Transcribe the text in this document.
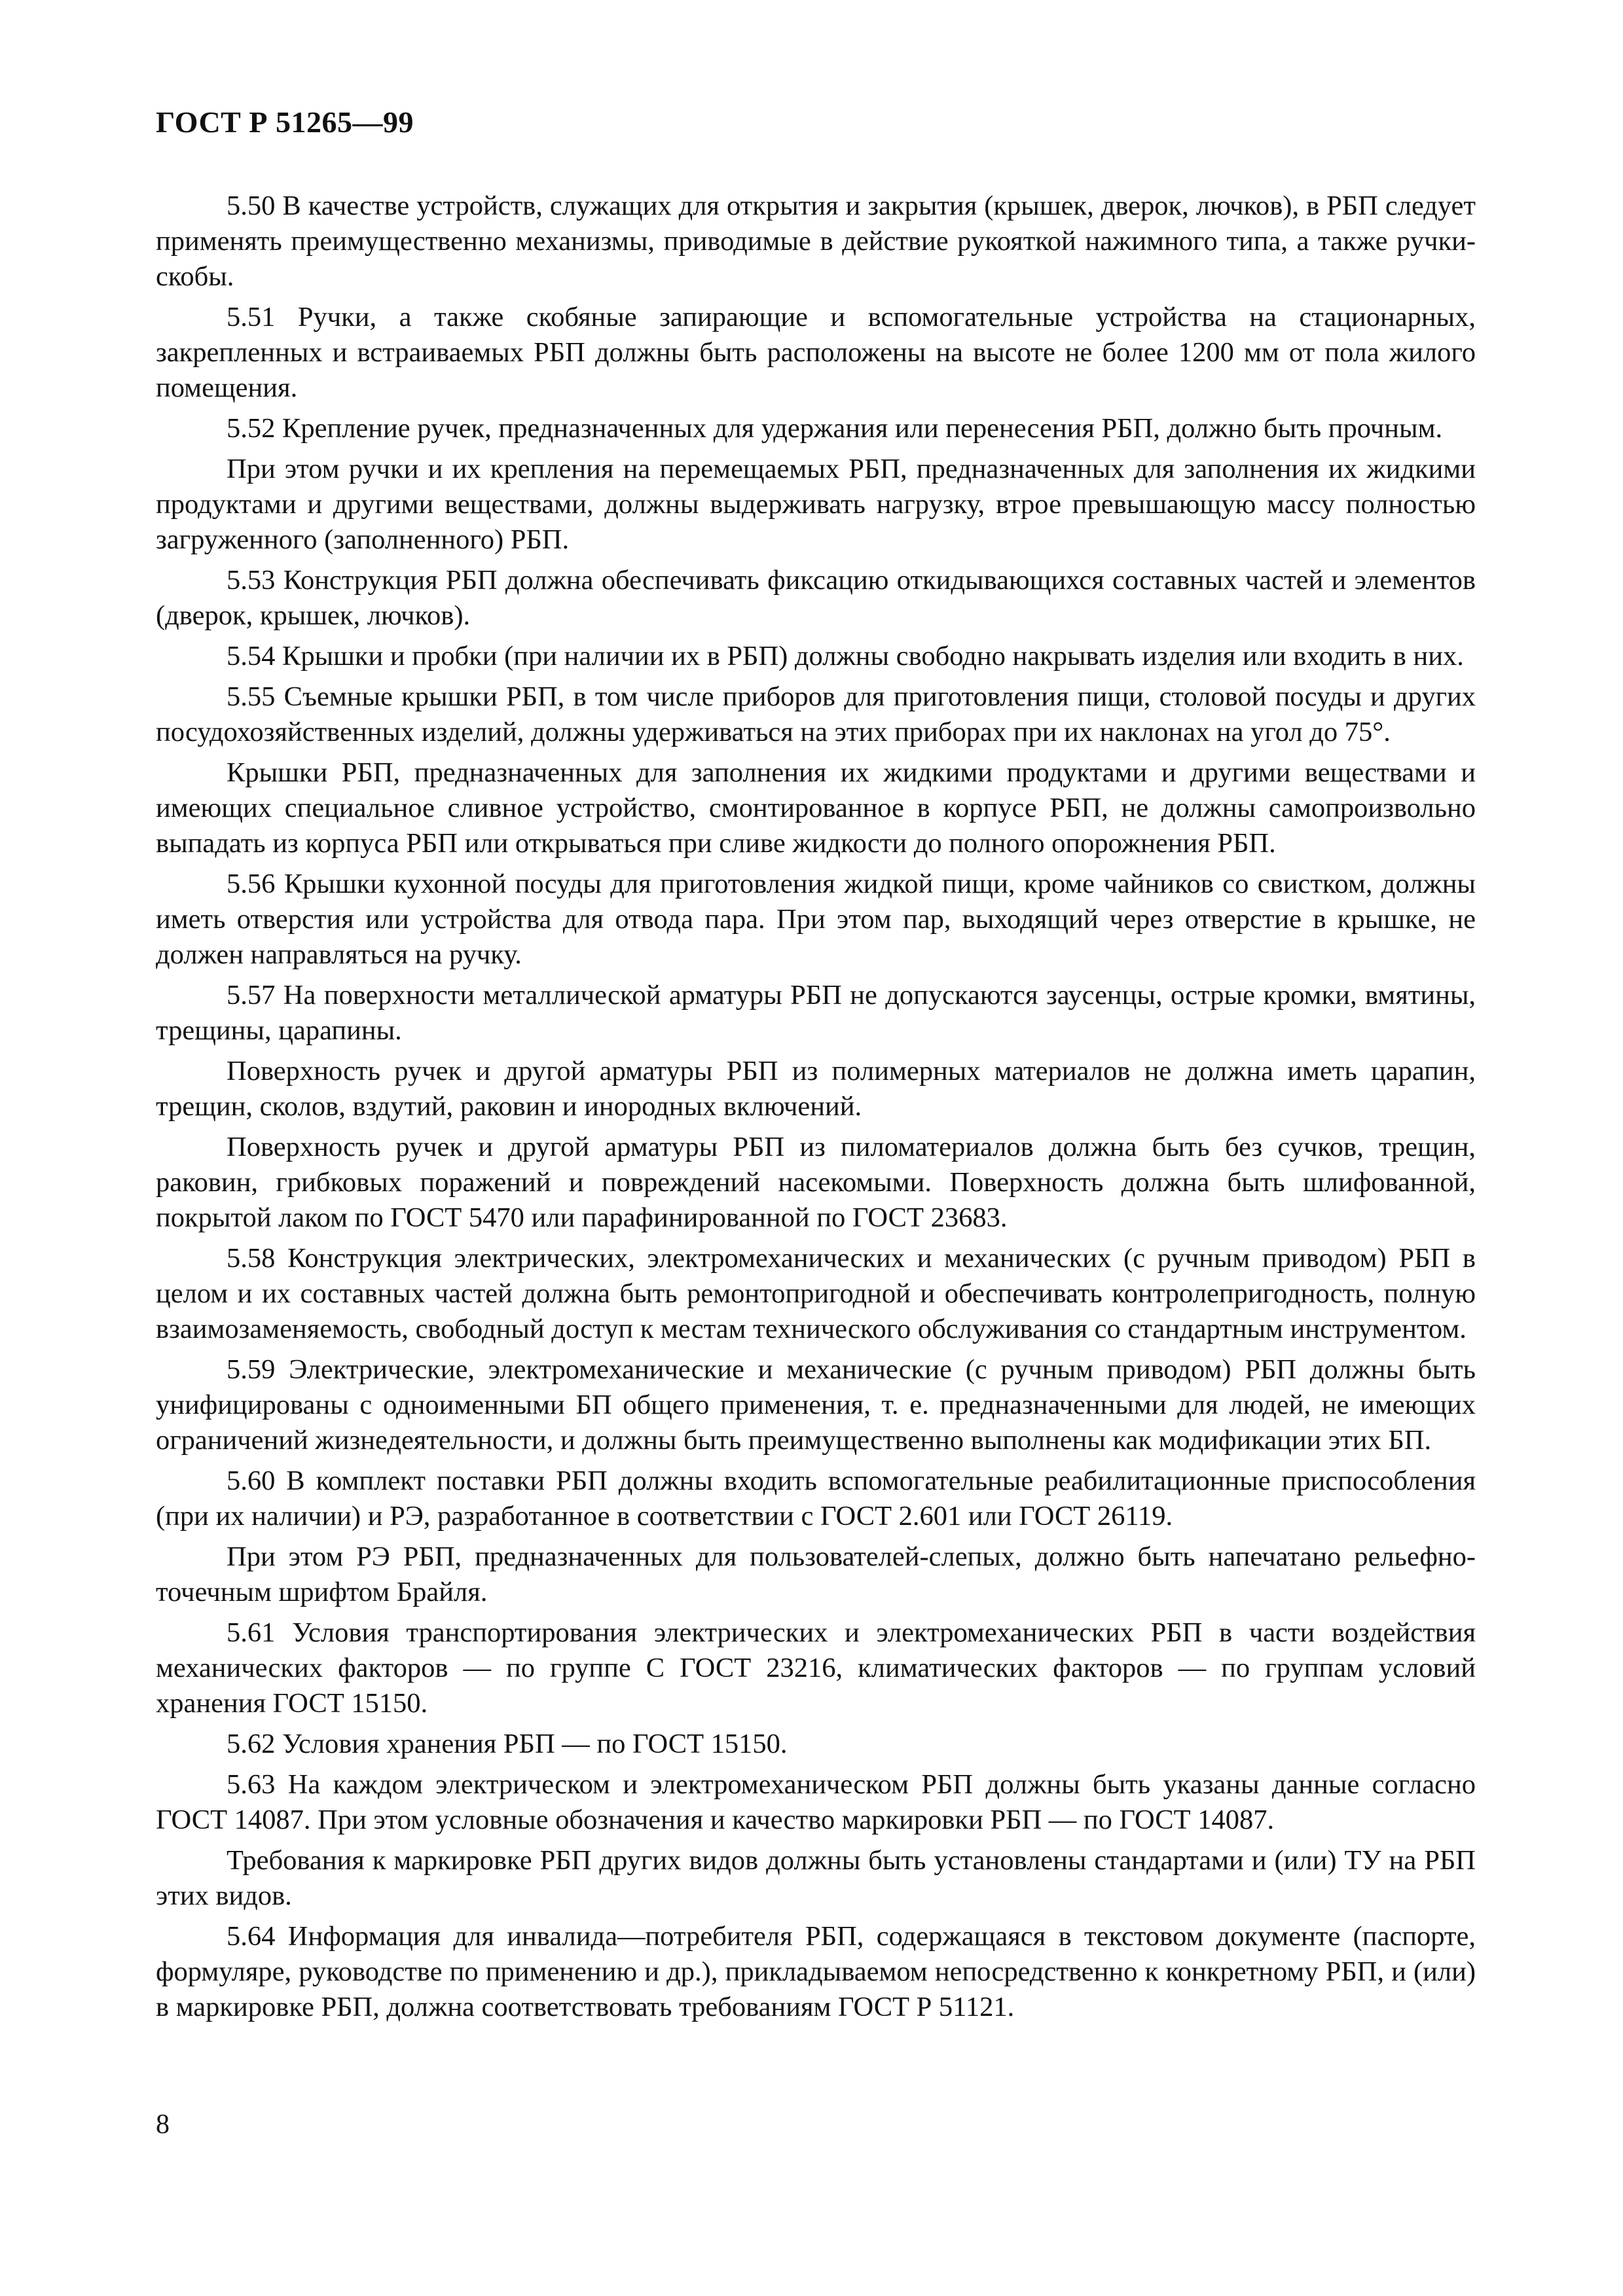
ГОСТ Р 51265—99

5.50 В качестве устройств, служащих для открытия и закрытия (крышек, дверок, лючков), в РБП следует применять преимущественно механизмы, приводимые в действие рукояткой нажимного типа, а также ручки-скобы.

5.51 Ручки, а также скобяные запирающие и вспомогательные устройства на стационарных, закрепленных и встраиваемых РБП должны быть расположены на высоте не более 1200 мм от пола жилого помещения.

5.52 Крепление ручек, предназначенных для удержания или перенесения РБП, должно быть прочным.

При этом ручки и их крепления на перемещаемых РБП, предназначенных для заполнения их жидкими продуктами и другими веществами, должны выдерживать нагрузку, втрое превышающую массу полностью загруженного (заполненного) РБП.

5.53 Конструкция РБП должна обеспечивать фиксацию откидывающихся составных частей и элементов (дверок, крышек, лючков).

5.54 Крышки и пробки (при наличии их в РБП) должны свободно накрывать изделия или входить в них.

5.55 Съемные крышки РБП, в том числе приборов для приготовления пищи, столовой посуды и других посудохозяйственных изделий, должны удерживаться на этих приборах при их наклонах на угол до 75°.

Крышки РБП, предназначенных для заполнения их жидкими продуктами и другими веществами и имеющих специальное сливное устройство, смонтированное в корпусе РБП, не должны самопроизвольно выпадать из корпуса РБП или открываться при сливе жидкости до полного опорожнения РБП.

5.56 Крышки кухонной посуды для приготовления жидкой пищи, кроме чайников со свистком, должны иметь отверстия или устройства для отвода пара. При этом пар, выходящий через отверстие в крышке, не должен направляться на ручку.

5.57 На поверхности металлической арматуры РБП не допускаются заусенцы, острые кромки, вмятины, трещины, царапины.

Поверхность ручек и другой арматуры РБП из полимерных материалов не должна иметь царапин, трещин, сколов, вздутий, раковин и инородных включений.

Поверхность ручек и другой арматуры РБП из пиломатериалов должна быть без сучков, трещин, раковин, грибковых поражений и повреждений насекомыми. Поверхность должна быть шлифованной, покрытой лаком по ГОСТ 5470 или парафинированной по ГОСТ 23683.

5.58 Конструкция электрических, электромеханических и механических (с ручным приводом) РБП в целом и их составных частей должна быть ремонтопригодной и обеспечивать контролепригодность, полную взаимозаменяемость, свободный доступ к местам технического обслуживания со стандартным инструментом.

5.59 Электрические, электромеханические и механические (с ручным приводом) РБП должны быть унифицированы с одноименными БП общего применения, т. е. предназначенными для людей, не имеющих ограничений жизнедеятельности, и должны быть преимущественно выполнены как модификации этих БП.

5.60 В комплект поставки РБП должны входить вспомогательные реабилитационные приспособления (при их наличии) и РЭ, разработанное в соответствии с ГОСТ 2.601 или ГОСТ 26119.

При этом РЭ РБП, предназначенных для пользователей-слепых, должно быть напечатано рельефно-точечным шрифтом Брайля.

5.61 Условия транспортирования электрических и электромеханических РБП в части воздействия механических факторов — по группе С ГОСТ 23216, климатических факторов — по группам условий хранения ГОСТ 15150.

5.62 Условия хранения РБП — по ГОСТ 15150.

5.63 На каждом электрическом и электромеханическом РБП должны быть указаны данные согласно ГОСТ 14087. При этом условные обозначения и качество маркировки РБП — по ГОСТ 14087.

Требования к маркировке РБП других видов должны быть установлены стандартами и (или) ТУ на РБП этих видов.

5.64 Информация для инвалида—потребителя РБП, содержащаяся в текстовом документе (паспорте, формуляре, руководстве по применению и др.), прикладываемом непосредственно к конкретному РБП, и (или) в маркировке РБП, должна соответствовать требованиям ГОСТ Р 51121.

8
